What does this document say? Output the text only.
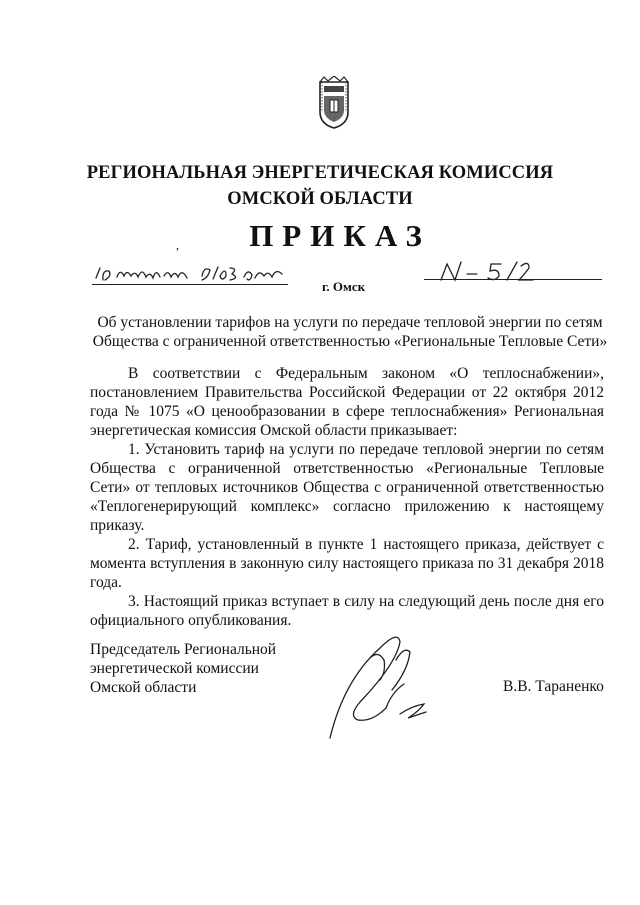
РЕГИОНАЛЬНАЯ ЭНЕРГЕТИЧЕСКАЯ КОМИССИЯ
ОМСКОЙ ОБЛАСТИ
,	ПРИКАЗ
г. Омск
Об установлении тарифов на услуги по передаче тепловой энергии по сетям
Общества с ограниченной ответственностью «Региональные Тепловые Сети»

В соответствии с Федеральным законом «О теплоснабжении», постановлением Правительства Российской Федерации от 22 октября 2012 года № 1075 «О ценообразовании в сфере теплоснабжения» Региональная энергетическая комиссия Омской области приказывает:

1. Установить тариф на услуги по передаче тепловой энергии по сетям Общества с ограниченной ответственностью «Региональные Тепловые Сети» от тепловых источников Общества с ограниченной ответственностью «Теплогенерирующий комплекс» согласно приложению к настоящему приказу.

2. Тариф, установленный в пункте 1 настоящего приказа, действует с момента вступления в законную силу настоящего приказа по 31 декабря 2018 года.

3. Настоящий приказ вступает в силу на следующий день после дня его официального опубликования.

Председатель Региональной
энергетической комиссии
Омской области	В.В. Тараненко
